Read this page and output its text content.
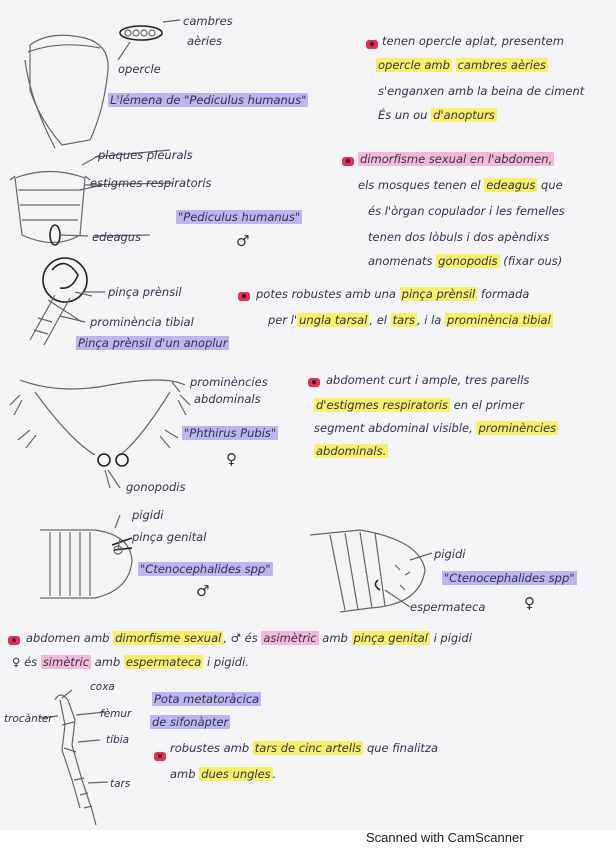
cambres
aèries
opercle
L'lémena de "Pediculus humanus"
tenen opercle aplat, presentem
opercle amb cambres aèries
s'enganxen amb la beina de ciment
És un ou d'anopturs
plaques pleurals
estigmes respiratoris
"Pediculus humanus"
edeagus	♂
dimorfisme sexual en l'abdomen,
els mosques tenen el edeagus que
és l'òrgan copulador i les femelles
tenen dos lòbuls i dos apèndixs
anomenats gonopodis (fixar ous)
pinça prènsil
prominència tibial
Pinça prènsil d'un anoplur
potes robustes amb una pinça prènsil formada
per l' ungla tarsal , el tars , i la prominència tibial
prominències
abdominals
"Phthirus Pubis"
♀
gonopodis
abdoment curt i ample, tres parells
d'estigmes respiratoris en el primer
segment abdominal visible, prominències
abdominals.
pigidi
pinça genital
"Ctenocephalides spp"
♂
pigidi
"Ctenocephalides spp"
espermateca	♀
abdomen amb dimorfisme sexual , ♂ és asimètric amb pinça genital i pigidi
♀ és simètric amb espermateca i pigidi.
coxa
trocànter	fèmur
tíbia
tars
Pota metatoràcica
de sifonàpter
robustes amb tars de cinc artells que finalitza
amb dues ungles .
Scanned with CamScanner
